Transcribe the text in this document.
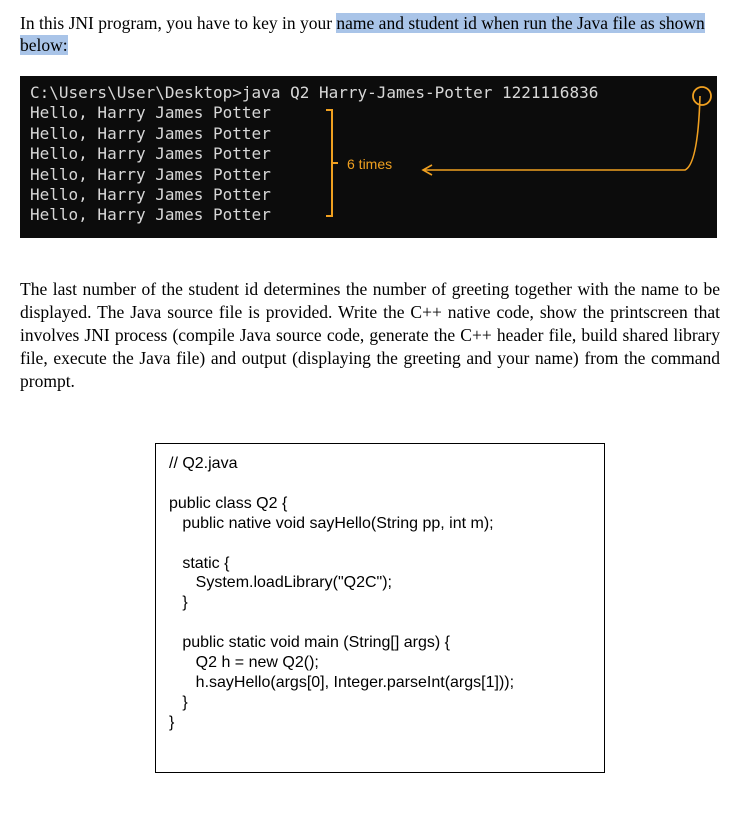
In this JNI program, you have to key in your name and student id when run the Java file as shown below:

C:\Users\User\Desktop>java Q2 Harry-James-Potter 1221116836
Hello, Harry James Potter
Hello, Harry James Potter
Hello, Harry James Potter
Hello, Harry James Potter
Hello, Harry James Potter
Hello, Harry James Potter
6 times

The last number of the student id determines the number of greeting together with the name to be displayed. The Java source file is provided. Write the C++ native code, show the printscreen that involves JNI process (compile Java source code, generate the C++ header file, build shared library file, execute the Java file) and output (displaying the greeting and your name) from the command prompt.

// Q2.java

public class Q2 {
public native void sayHello(String pp, int m);

static {
System.loadLibrary("Q2C");
}

public static void main (String[] args) {
Q2 h = new Q2();
h.sayHello(args[0], Integer.parseInt(args[1]));
}
}
